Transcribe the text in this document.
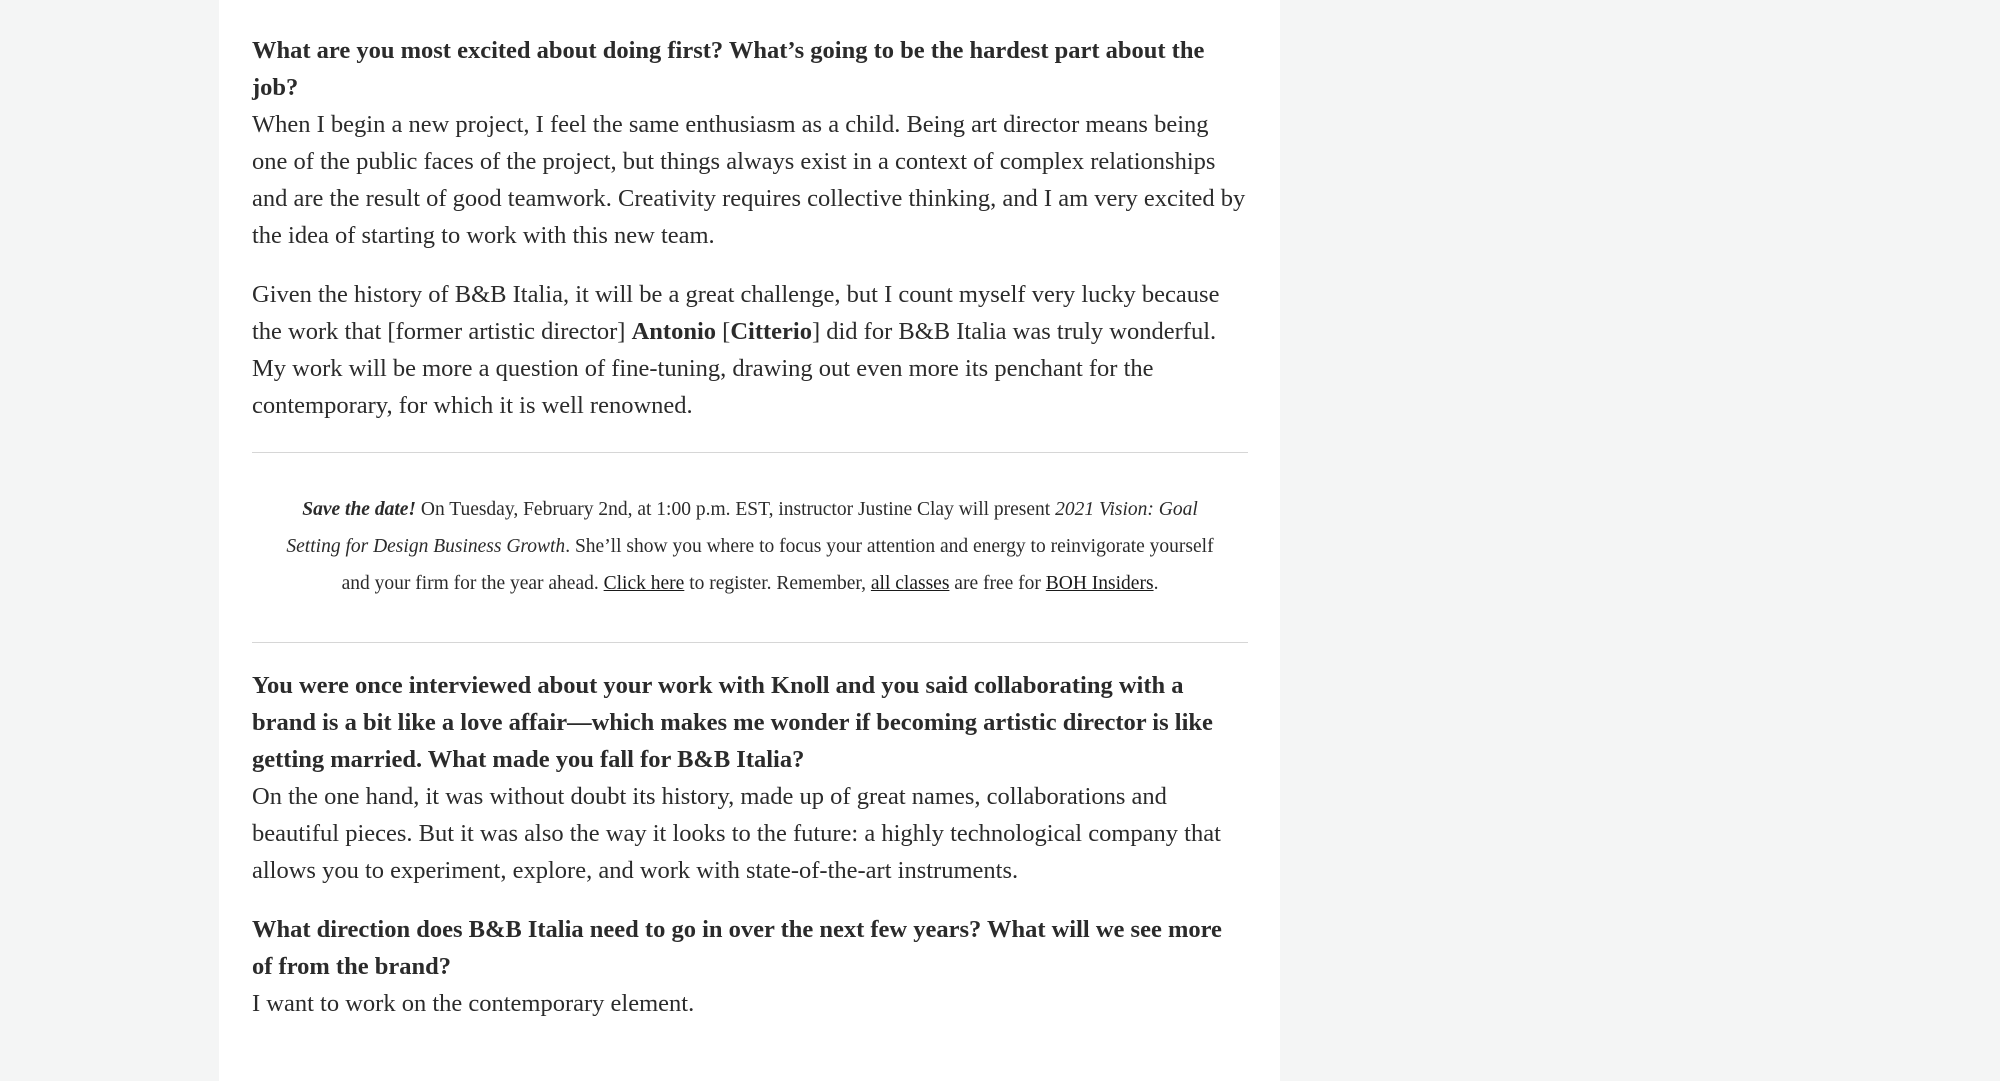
What are you most excited about doing first? What’s going to be the hardest part about the job?

When I begin a new project, I feel the same enthusiasm as a child. Being art director means being one of the public faces of the project, but things always exist in a context of complex relationships and are the result of good teamwork. Creativity requires collective thinking, and I am very excited by the idea of starting to work with this new team.

Given the history of B&B Italia, it will be a great challenge, but I count myself very lucky because the work that [former artistic director] Antonio [Citterio] did for B&B Italia was truly wonderful. My work will be more a question of fine-tuning, drawing out even more its penchant for the contemporary, for which it is well renowned.

Save the date! On Tuesday, February 2nd, at 1:00 p.m. EST, instructor Justine Clay will present 2021 Vision: Goal Setting for Design Business Growth. She’ll show you where to focus your attention and energy to reinvigorate yourself and your firm for the year ahead. Click here to register. Remember, all classes are free for BOH Insiders.

You were once interviewed about your work with Knoll and you said collaborating with a brand is a bit like a love affair—which makes me wonder if becoming artistic director is like getting married. What made you fall for B&B Italia?

On the one hand, it was without doubt its history, made up of great names, collaborations and beautiful pieces. But it was also the way it looks to the future: a highly technological company that allows you to experiment, explore, and work with state-of-the-art instruments.

What direction does B&B Italia need to go in over the next few years? What will we see more of from the brand?

I want to work on the contemporary element.
